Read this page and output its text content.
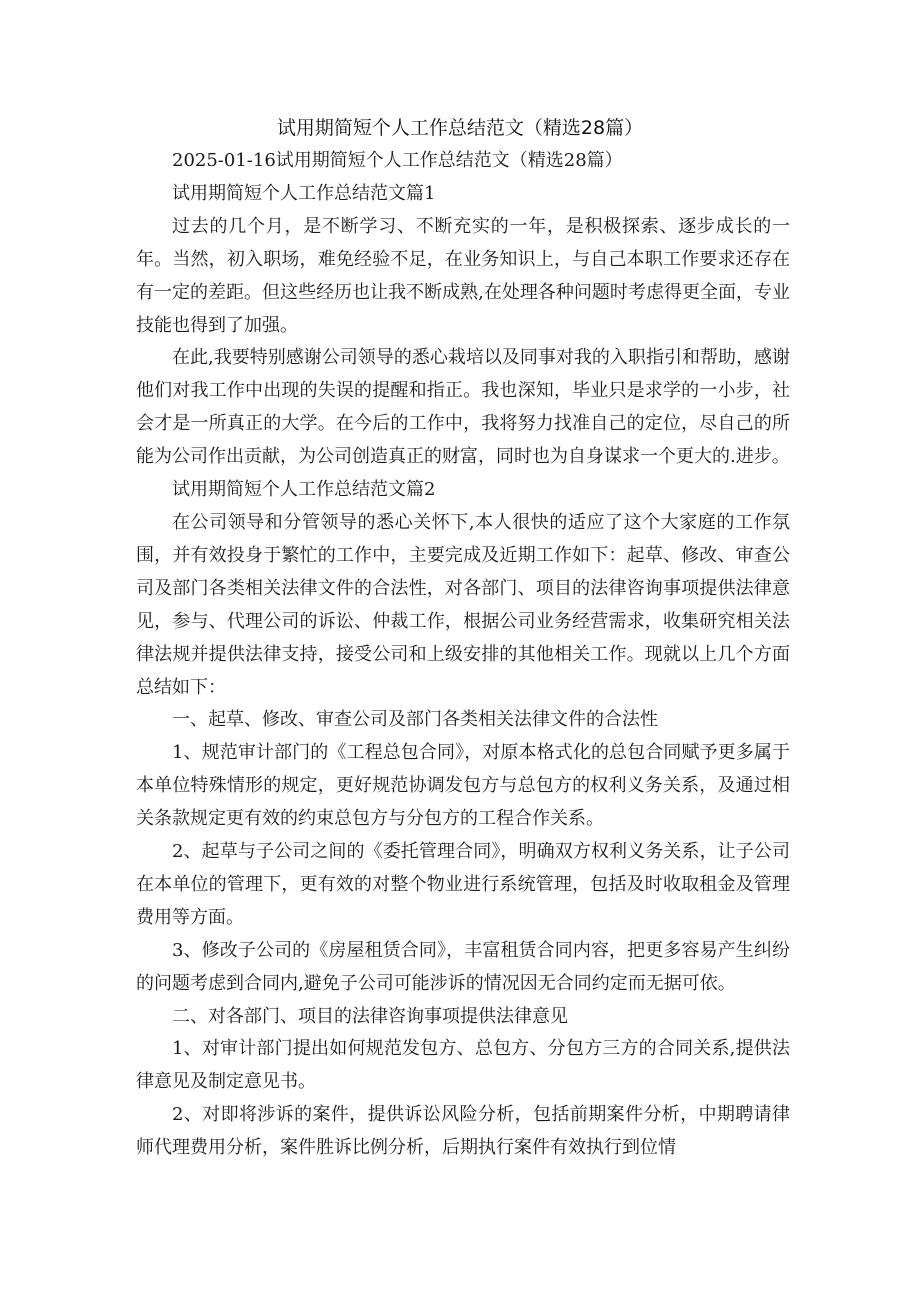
试用期简短个人工作总结范文（精选28篇）

2025-01-16试用期简短个人工作总结范文（精选28篇）

试用期简短个人工作总结范文篇1

过去的几个月，是不断学习、不断充实的一年，是积极探索、逐步成长的一年。当然，初入职场，难免经验不足，在业务知识上，与自己本职工作要求还存在有一定的差距。但这些经历也让我不断成熟,在处理各种问题时考虑得更全面，专业技能也得到了加强。

在此,我要特别感谢公司领导的悉心栽培以及同事对我的入职指引和帮助，感谢他们对我工作中出现的失误的提醒和指正。我也深知，毕业只是求学的一小步，社会才是一所真正的大学。在今后的工作中，我将努力找准自己的定位，尽自己的所能为公司作出贡献，为公司创造真正的财富，同时也为自身谋求一个更大的.进步。

试用期简短个人工作总结范文篇2

在公司领导和分管领导的悉心关怀下,本人很快的适应了这个大家庭的工作氛围，并有效投身于繁忙的工作中，主要完成及近期工作如下：起草、修改、审查公司及部门各类相关法律文件的合法性，对各部门、项目的法律咨询事项提供法律意见，参与、代理公司的诉讼、仲裁工作，根据公司业务经营需求，收集研究相关法律法规并提供法律支持，接受公司和上级安排的其他相关工作。现就以上几个方面总结如下：

一、起草、修改、审查公司及部门各类相关法律文件的合法性

1、规范审计部门的《工程总包合同》，对原本格式化的总包合同赋予更多属于本单位特殊情形的规定，更好规范协调发包方与总包方的权利义务关系，及通过相关条款规定更有效的约束总包方与分包方的工程合作关系。

2、起草与子公司之间的《委托管理合同》，明确双方权利义务关系，让子公司在本单位的管理下，更有效的对整个物业进行系统管理，包括及时收取租金及管理费用等方面。

3、修改子公司的《房屋租赁合同》，丰富租赁合同内容，把更多容易产生纠纷的问题考虑到合同内,避免子公司可能涉诉的情况因无合同约定而无据可依。

二、对各部门、项目的法律咨询事项提供法律意见

1、对审计部门提出如何规范发包方、总包方、分包方三方的合同关系,提供法律意见及制定意见书。

2、对即将涉诉的案件，提供诉讼风险分析，包括前期案件分析，中期聘请律师代理费用分析，案件胜诉比例分析，后期执行案件有效执行到位情
